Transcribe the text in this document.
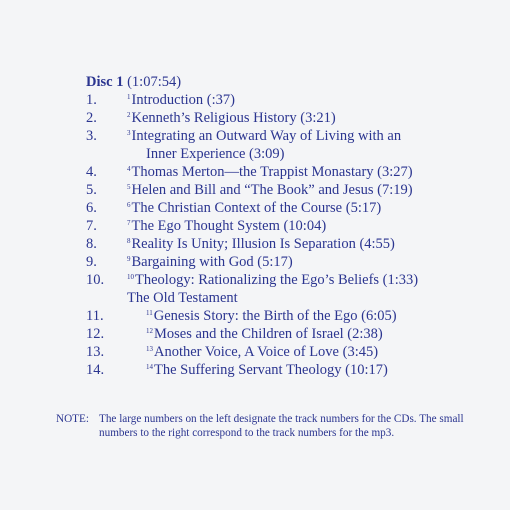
Disc 1 (1:07:54)
1.	$^1$Introduction (:37)
2.	$^2$Kenneth’s Religious History (3:21)
3.	$^3$Integrating an Outward Way of Living with an
Inner Experience (3:09)
4.	$^4$Thomas Merton—the Trappist Monastary (3:27)
5.	$^5$Helen and Bill and “The Book” and Jesus (7:19)
6.	$^6$The Christian Context of the Course (5:17)
7.	$^7$The Ego Thought System (10:04)
8.	$^8$Reality Is Unity; Illusion Is Separation (4:55)
9.	$^9$Bargaining with God (5:17)
10.	$^{10}$Theology: Rationalizing the Ego’s Beliefs (1:33)
The Old Testament
11.	$^{11}$Genesis Story: the Birth of the Ego (6:05)
12.	$^{12}$Moses and the Children of Israel (2:38)
13.	$^{13}$Another Voice, A Voice of Love (3:45)
14.	$^{14}$The Suffering Servant Theology (10:17)
NOTE: The large numbers on the left designate the track numbers for the CDs. The small numbers to the right correspond to the track numbers for the mp3.
